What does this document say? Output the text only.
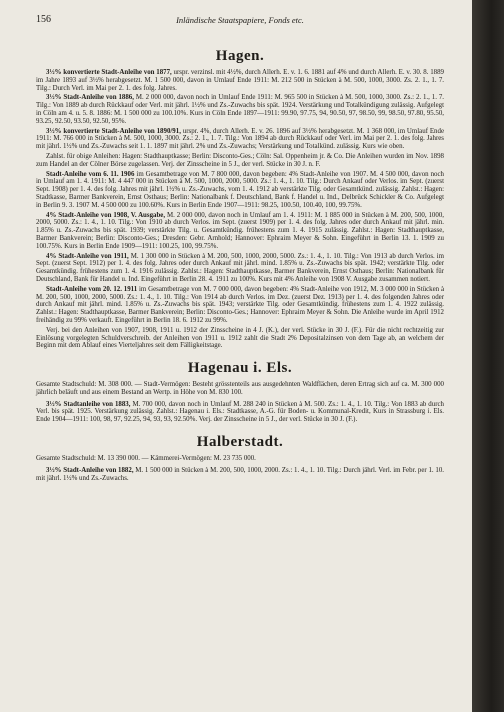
156	Inländische Staatspapiere, Fonds etc.
Hagen.

3½% konvertierte Stadt-Anleihe von 1877, urspr. verzinsl. mit 4½%, durch Allerh. E. v. 1. 6. 1881 auf 4% und durch Allerh. E. v. 30. 8. 1889 im Jahre 1893 auf 3½% herabgesetzt. M. 1 500 000, davon in Umlauf Ende 1911: M. 212 500 in Stücken à M. 500, 1000, 3000. Zs. 2. 1., 1. 7. Tilg.: Durch Verl. im Mai per 2. 1. des folg. Jahres.

3½% Stadt-Anleihe von 1886, M. 2 000 000, davon noch in Umlauf Ende 1911: M. 965 500 in Stücken à M. 500, 1000, 3000. Zs.: 2. 1., 1. 7. Tilg.: Von 1889 ab durch Rückkauf oder Verl. mit jährl. 1½% und Zs.-Zuwachs bis spät. 1924. Verstärkung und Totalkündigung zulässig. Aufgelegt in Cöln am 4. u. 5. 8. 1886: M. 1 500 000 zu 100.10%. Kurs in Cöln Ende 1897—1911: 99.90, 97.75, 94, 90.50, 97, 98.50, 99, 98.50, 97.80, 95.50, 93.25, 92.50, 93.50, 92.50, 95%.

3½% konvertierte Stadt-Anleihe von 1890/91, urspr. 4%, durch Allerh. E. v. 26. 1896 auf 3½% herabgesetzt. M. 1 368 000, im Umlauf Ende 1911: M. 766 000 in Stücken à M. 500, 1000, 3000. Zs.: 2. 1., 1. 7. Tilg.: Von 1894 ab durch Rückkauf oder Verl. im Mai per 2. 1. des folg. Jahres mit jährl. 1½% und Zs.-Zuwachs seit 1. 1. 1897 mit jährl. 2% und Zs.-Zuwachs; Verstärkung und Totalkünd. zulässig. Kurs wie oben.

Zahlst. für obige Anleihen: Hagen: Stadthauptkasse; Berlin: Disconto-Ges.; Cöln: Sal. Oppenheim jr. & Co. Die Anleihen wurden im Nov. 1898 zum Handel an der Cölner Börse zugelassen. Verj. der Zinsscheine in 5 J., der verl. Stücke in 30 J. n. F.

Stadt-Anleihe vom 6. 11. 1906 im Gesamtbetrage von M. 7 800 000, davon begeben: 4% Stadt-Anleihe von 1907. M. 4 500 000, davon noch in Umlauf am 1. 4. 1911: M. 4 447 000 in Stücken à M. 500, 1000, 2000, 5000. Zs.: 1. 4., 1. 10. Tilg.: Durch Ankauf oder Verlos. im Sept. (zuerst Sept. 1908) per 1. 4. des folg. Jahres mit jährl. 1½% u. Zs.-Zuwachs, vom 1. 4. 1912 ab verstärkte Tilg. oder Gesamtkünd. zulässig. Zahlst.: Hagen: Stadtkasse, Barmer Bankverein, Ernst Osthaus; Berlin: Nationalbank f. Deutschland, Bank f. Handel u. Ind., Delbrück Schickler & Co. Aufgelegt in Berlin 9. 3. 1907 M. 4 500 000 zu 100.60%. Kurs in Berlin Ende 1907—1911: 98.25, 100.50, 100.40, 100, 99.75%.

4% Stadt-Anleihe von 1908, V. Ausgabe, M. 2 000 000, davon noch in Umlauf am 1. 4. 1911: M. 1 885 000 in Stücken à M. 200, 500, 1000, 2000, 5000. Zs.: 1. 4., 1. 10. Tilg.: Von 1910 ab durch Verlos. im Sept. (zuerst 1909) per 1. 4. des folg. Jahres oder durch Ankauf mit jährl. min. 1.85% u. Zs.-Zuwachs bis spät. 1939; verstärkte Tilg. u. Gesamtkündig. frühestens zum 1. 4. 1915 zulässig. Zahlst.: Hagen: Stadthauptkasse, Barmer Bankverein; Berlin: Disconto-Ges.; Dresden: Gebr. Arnhold; Hannover: Ephraim Meyer & Sohn. Eingeführt in Berlin 13. 1. 1909 zu 100.75%. Kurs in Berlin Ende 1909—1911: 100.25, 100, 99.75%.

4% Stadt-Anleihe von 1911, M. 1 300 000 in Stücken à M. 200, 500, 1000, 2000, 5000. Zs.: 1. 4., 1. 10. Tilg.: Von 1913 ab durch Verlos. im Sept. (zuerst Sept. 1912) per 1. 4. des folg. Jahres oder durch Ankauf mit jährl. mind. 1.85% u. Zs.-Zuwachs bis spät. 1942; verstärkte Tilg. oder Gesamtkündig. frühestens zum 1. 4. 1916 zulässig. Zahlst.: Hagen: Stadthauptkasse, Barmer Bankverein, Ernst Osthaus; Berlin: Nationalbank für Deutschland, Bank für Handel u. Ind. Eingeführt in Berlin 28. 4. 1911 zu 100%. Kurs mit 4% Anleihe von 1908 V. Ausgabe zusammen notiert.

Stadt-Anleihe vom 20. 12. 1911 im Gesamtbetrage von M. 7 000 000, davon begeben: 4% Stadt-Anleihe von 1912, M. 3 000 000 in Stücken à M. 200, 500, 1000, 2000, 5000. Zs.: 1. 4., 1. 10. Tilg.: Von 1914 ab durch Verlos. im Dez. (zuerst Dez. 1913) per 1. 4. des folgenden Jahres oder durch Ankauf mit jährl. mind. 1.85% u. Zs.-Zuwachs bis spät. 1943; verstärkte Tilg. oder Gesamtkündig. frühestens zum 1. 4. 1922 zulässig. Zahlst.: Hagen: Stadthauptkasse, Barmer Bankverein; Berlin: Disconto-Ges.; Hannover: Ephraim Meyer & Sohn. Die Anleihe wurde im April 1912 freihändig zu 99% verkauft. Eingeführt in Berlin 18. 6. 1912 zu 99%.

Verj. bei den Anleihen von 1907, 1908, 1911 u. 1912 der Zinsscheine in 4 J. (K.), der verl. Stücke in 30 J. (F.). Für die nicht rechtzeitig zur Einlösung vorgelegten Schuldverschreib. der Anleihen von 1911 u. 1912 zahlt die Stadt 2% Depositalzinsen von dem Tage ab, an welchem der Beginn mit dem Ablauf eines Vierteljahres seit dem Fälligkeitstage.

Hagenau i. Els.

Gesamte Stadtschuld: M. 308 000. — Stadt-Vermögen: Besteht grösstenteils aus ausgedehnten Waldflächen, deren Ertrag sich auf ca. M. 300 000 jährlich beläuft und aus einem Bestand an Wertp. in Höhe von M. 830 100.

3½% Stadtanleihe von 1883, M. 700 000, davon noch in Umlauf M. 288 240 in Stücken à M. 500. Zs.: 1. 4., 1. 10. Tilg.: Von 1883 ab durch Verl. bis spät. 1925. Verstärkung zulässig. Zahlst.: Hagenau i. Els.: Stadtkasse, A.-G. für Boden- u. Kommunal-Kredit, Kurs in Strassburg i. Els. Ende 1904—1911: 100, 98, 97, 92.25, 94, 93, 93, 92.50%. Verj. der Zinsscheine in 5 J., der verl. Stücke in 30 J. (F.).

Halberstadt.

Gesamte Stadtschuld: M. 13 390 000. — Kämmerei-Vermögen: M. 23 735 000.

3½% Stadt-Anleihe von 1882, M. 1 500 000 in Stücken à M. 200, 500, 1000, 2000. Zs.: 1. 4., 1. 10. Tilg.: Durch jährl. Verl. im Febr. per 1. 10. mit jährl. 1½% und Zs.-Zuwachs.
